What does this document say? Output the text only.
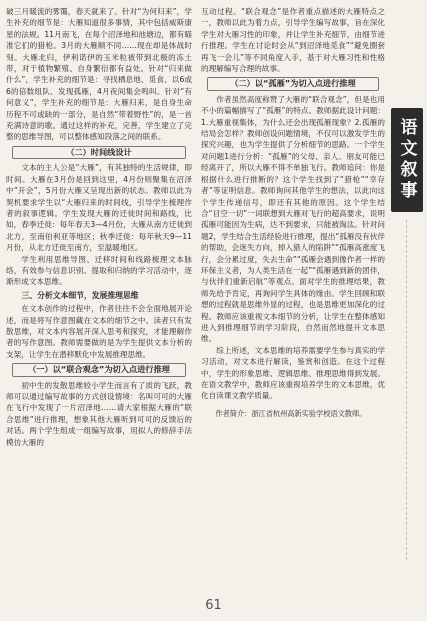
破三月暖流的雾霭，春天就来了。针对“为何归来”，学生补充的细节是：大雁知道很多事情，其中包括威斯康星的法规。11月南飞，在每个沼泽地和池塘边，都有瞄准它们的猎枪。3月的大雁顺不同……现在却是体战时刻。大雁北归，伊利诺伊的玉米粒被带到北极的冻土带，对于植物繁殖、自身繁衍都有益处。针对“归来做什么”，学生补充的细节是：寻找栖息地、觅食、以6或6的倍数组队、发现孤雁，4月夜间集会鸣叫。针对“有何意义”，学生补充的细节是：大雁归来，是自身生命历程不可或缺的一部分，是自然“带着野性”的，是一首充满诗意的歌。通过这样的补充，完善，学生建立了完整的思维导图，可以整体感知段落之间的联系。

（二）时间线设计

文本的主人公是“大雁”，有其独特的生活规律，即时间。大雁在3月份是回到这里，4月份则聚集在沼泽中“开会”，5月份大雁又呈现出新的状态。教师以此为契机要求学生以“大雁归来的时间线，引导学生梳理作者的叙事逻辑。学生发现大雁的迁徙时间和路线，比如，春季迁徙：每年春天3—4月份，大雁从南方迁徙到北方，至南伯利亚等地区；秋季迁徙：每年秋天9—11月份，从北方迁徙至南方，至温暖地区。

学生利用思维导图、迁移时间和线路梳理文本脉络，有效参与信息识别、提取和归纳的学习活动中，逐渐形成文本思维。

三、分析文本细节，发展推理思维

在文本创作的过程中，作者往往不会全面地展开论述，而是将写作意图藏在文本的细节之中。读者只有发散思维，对文本内容展开深入思考和探究，才能理解作者的写作意图。教师需要做的是为学生提供文本分析的支架，让学生在潜移默化中发展推理思维。

（一）以“联合观念”为切入点进行推理

初中生的发散思维较小学生而言有了质的飞跃，教师可以通过编写故事的方式创设情境：名叫可可的大雁在飞行中发现了一片沼泽地……请大家根据大雁的“联合思维”进行推理，想象其他大雁听到可可的反馈后的对话。两个学生组成一组编写故事，用拟人的修辞手法模仿大雁的

互动过程。“联合观念”是作者重点描述的大雁特点之一，教师以此为着力点，引导学生编写故事，旨在深化学生对大雁习性的印象，并让学生补充细节，由细节进行推理。学生在讨论时会从“到沼泽地觅食”“避免圈套再飞一会儿”等不同角度入手，基于对大雁习性和性格的理解编写合理的故事。

（二）以“孤雁”为切入点进行推理

作者虽然高度称赞了大雁的“联合观念”，但是也用不小的篇幅描写了“孤雁”的特点。教师据此设计问题：1.大雁重视集体，为什么还会出现孤雁现象？2.孤雁的结局会怎样？教师创设问题情境，不仅可以激发学生的探究兴趣，也为学生提供了分析细节的思路。一个学生对问题1进行分析：“孤雁”的父母、亲人、朋友可能已经离开了，所以大雁不得不单独飞行。教师追问：你是根据什么进行推断的？这个学生找到了“猎枪”“幸存者”等证明信息。教师询问其他学生的想法，以此向这个学生传递信号，即还有其他的原因。这个学生结合“目空一切”一词联想到大雁对飞行的超高要求，说明孤雁可能因为生病，达不到要求，只能被淘汰。针对问题2，学生结合生活经验进行推理，提出“孤雁没有伙伴的帮助，会迷失方向，掉入猎人的陷阱”“孤雁高涨度飞行，会分累过度，失去生命”“孤雁会遇到像作者一样的环保主义者，为人类生活在一起”“孤雁遇到新的团伴，与伙伴们重新启航”等观点。面对学生的推理结果，教师先给予肯定，再询问学生具体的缘由。学生回顾和联想的过程就是思维外显的过程，也是思维更加深化的过程。教师应该重视文本细节的分析，让学生在整体感知进入到推理细节的学习阶段，自然而然地提升文本思维。

综上所述，文本思维的培养需要学生参与真实的学习活动，对文本进行解读，鉴赏和创造。在这个过程中，学生的形象思维、逻辑思维、推理思维得到发展。在语文教学中，教师应该重视培养学生的文本思维，优化自读课文教学质量。

作者简介：浙江省杭州高新实验学校语文教师。

语文叙事
61
